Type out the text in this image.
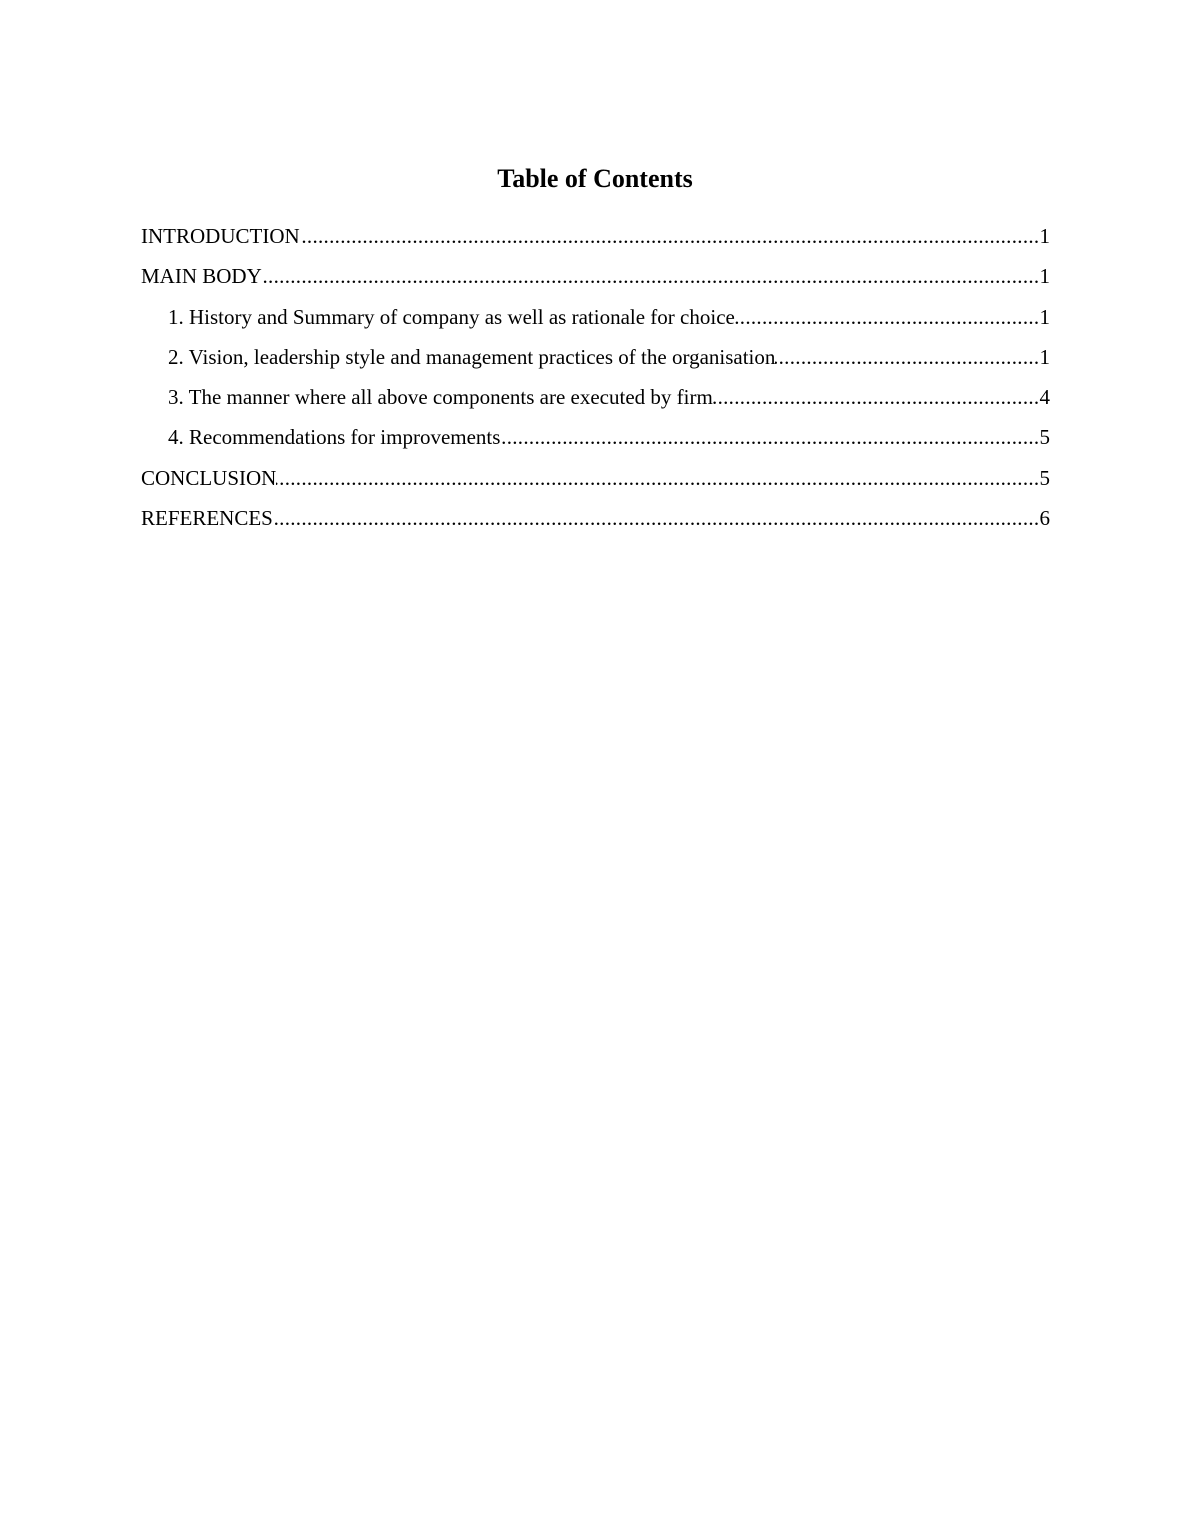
Table of Contents
INTRODUCTION .....	1
MAIN BODY .....	1
1. History and Summary of company as well as rationale for choice .....	1
2. Vision, leadership style and management practices of the organisation .....	1
3. The manner where all above components are executed by firm .....	4
4. Recommendations for improvements .....	5
CONCLUSION .....	5
REFERENCES .....	6
